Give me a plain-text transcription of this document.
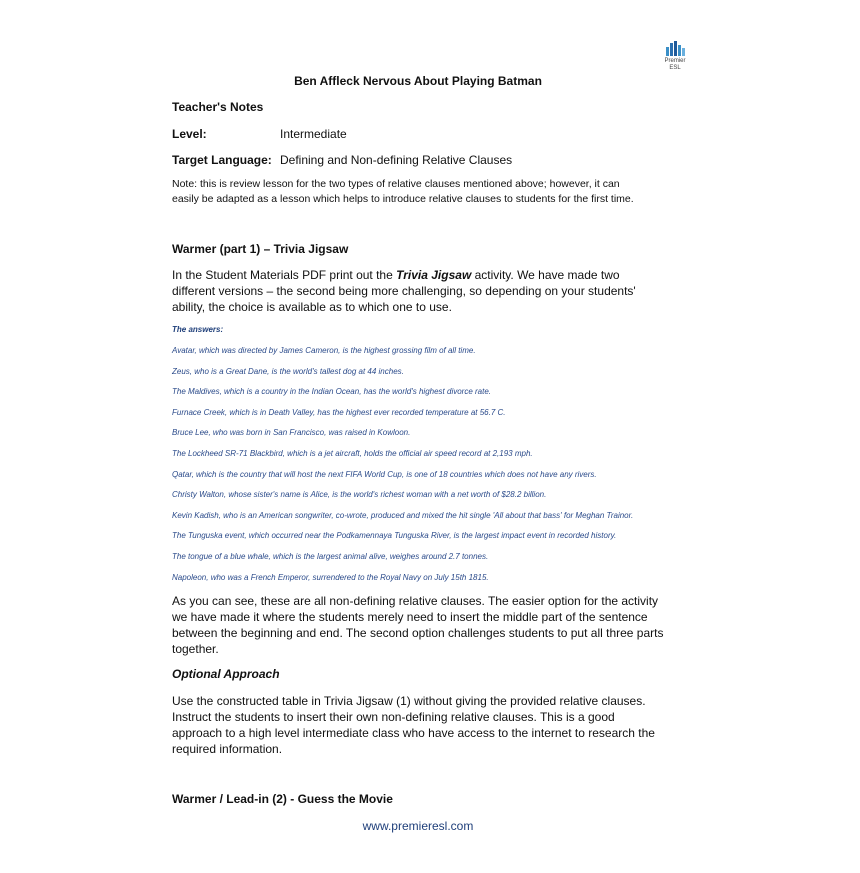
Premier
ESL
Ben Affleck Nervous About Playing Batman
Teacher's Notes
Level:	Intermediate
Target Language: Defining and Non-defining Relative Clauses
Note: this is review lesson for the two types of relative clauses mentioned above; however, it can
easily be adapted as a lesson which helps to introduce relative clauses to students for the first time.
Warmer (part 1) – Trivia Jigsaw
In the Student Materials PDF print out the Trivia Jigsaw activity. We have made two
different versions – the second being more challenging, so depending on your students'
ability, the choice is available as to which one to use.
The answers:
Avatar, which was directed by James Cameron, is the highest grossing film of all time.
Zeus, who is a Great Dane, is the world's tallest dog at 44 inches.
The Maldives, which is a country in the Indian Ocean, has the world's highest divorce rate.
Furnace Creek, which is in Death Valley, has the highest ever recorded temperature at 56.7 C.
Bruce Lee, who was born in San Francisco, was raised in Kowloon.
The Lockheed SR-71 Blackbird, which is a jet aircraft, holds the official air speed record at 2,193 mph.
Qatar, which is the country that will host the next FIFA World Cup, is one of 18 countries which does not have any rivers.
Christy Walton, whose sister's name is Alice, is the world's richest woman with a net worth of $28.2 billion.
Kevin Kadish, who is an American songwriter, co-wrote, produced and mixed the hit single 'All about that bass' for Meghan Trainor.
The Tunguska event, which occurred near the Podkamennaya Tunguska River, is the largest impact event in recorded history.
The tongue of a blue whale, which is the largest animal alive, weighes around 2.7 tonnes.
Napoleon, who was a French Emperor, surrendered to the Royal Navy on July 15th 1815.
As you can see, these are all non-defining relative clauses. The easier option for the activity
we have made it where the students merely need to insert the middle part of the sentence
between the beginning and end. The second option challenges students to put all three parts
together.
Optional Approach
Use the constructed table in Trivia Jigsaw (1) without giving the provided relative clauses.
Instruct the students to insert their own non-defining relative clauses. This is a good
approach to a high level intermediate class who have access to the internet to research the
required information.
Warmer / Lead-in (2) - Guess the Movie
www.premieresl.com
